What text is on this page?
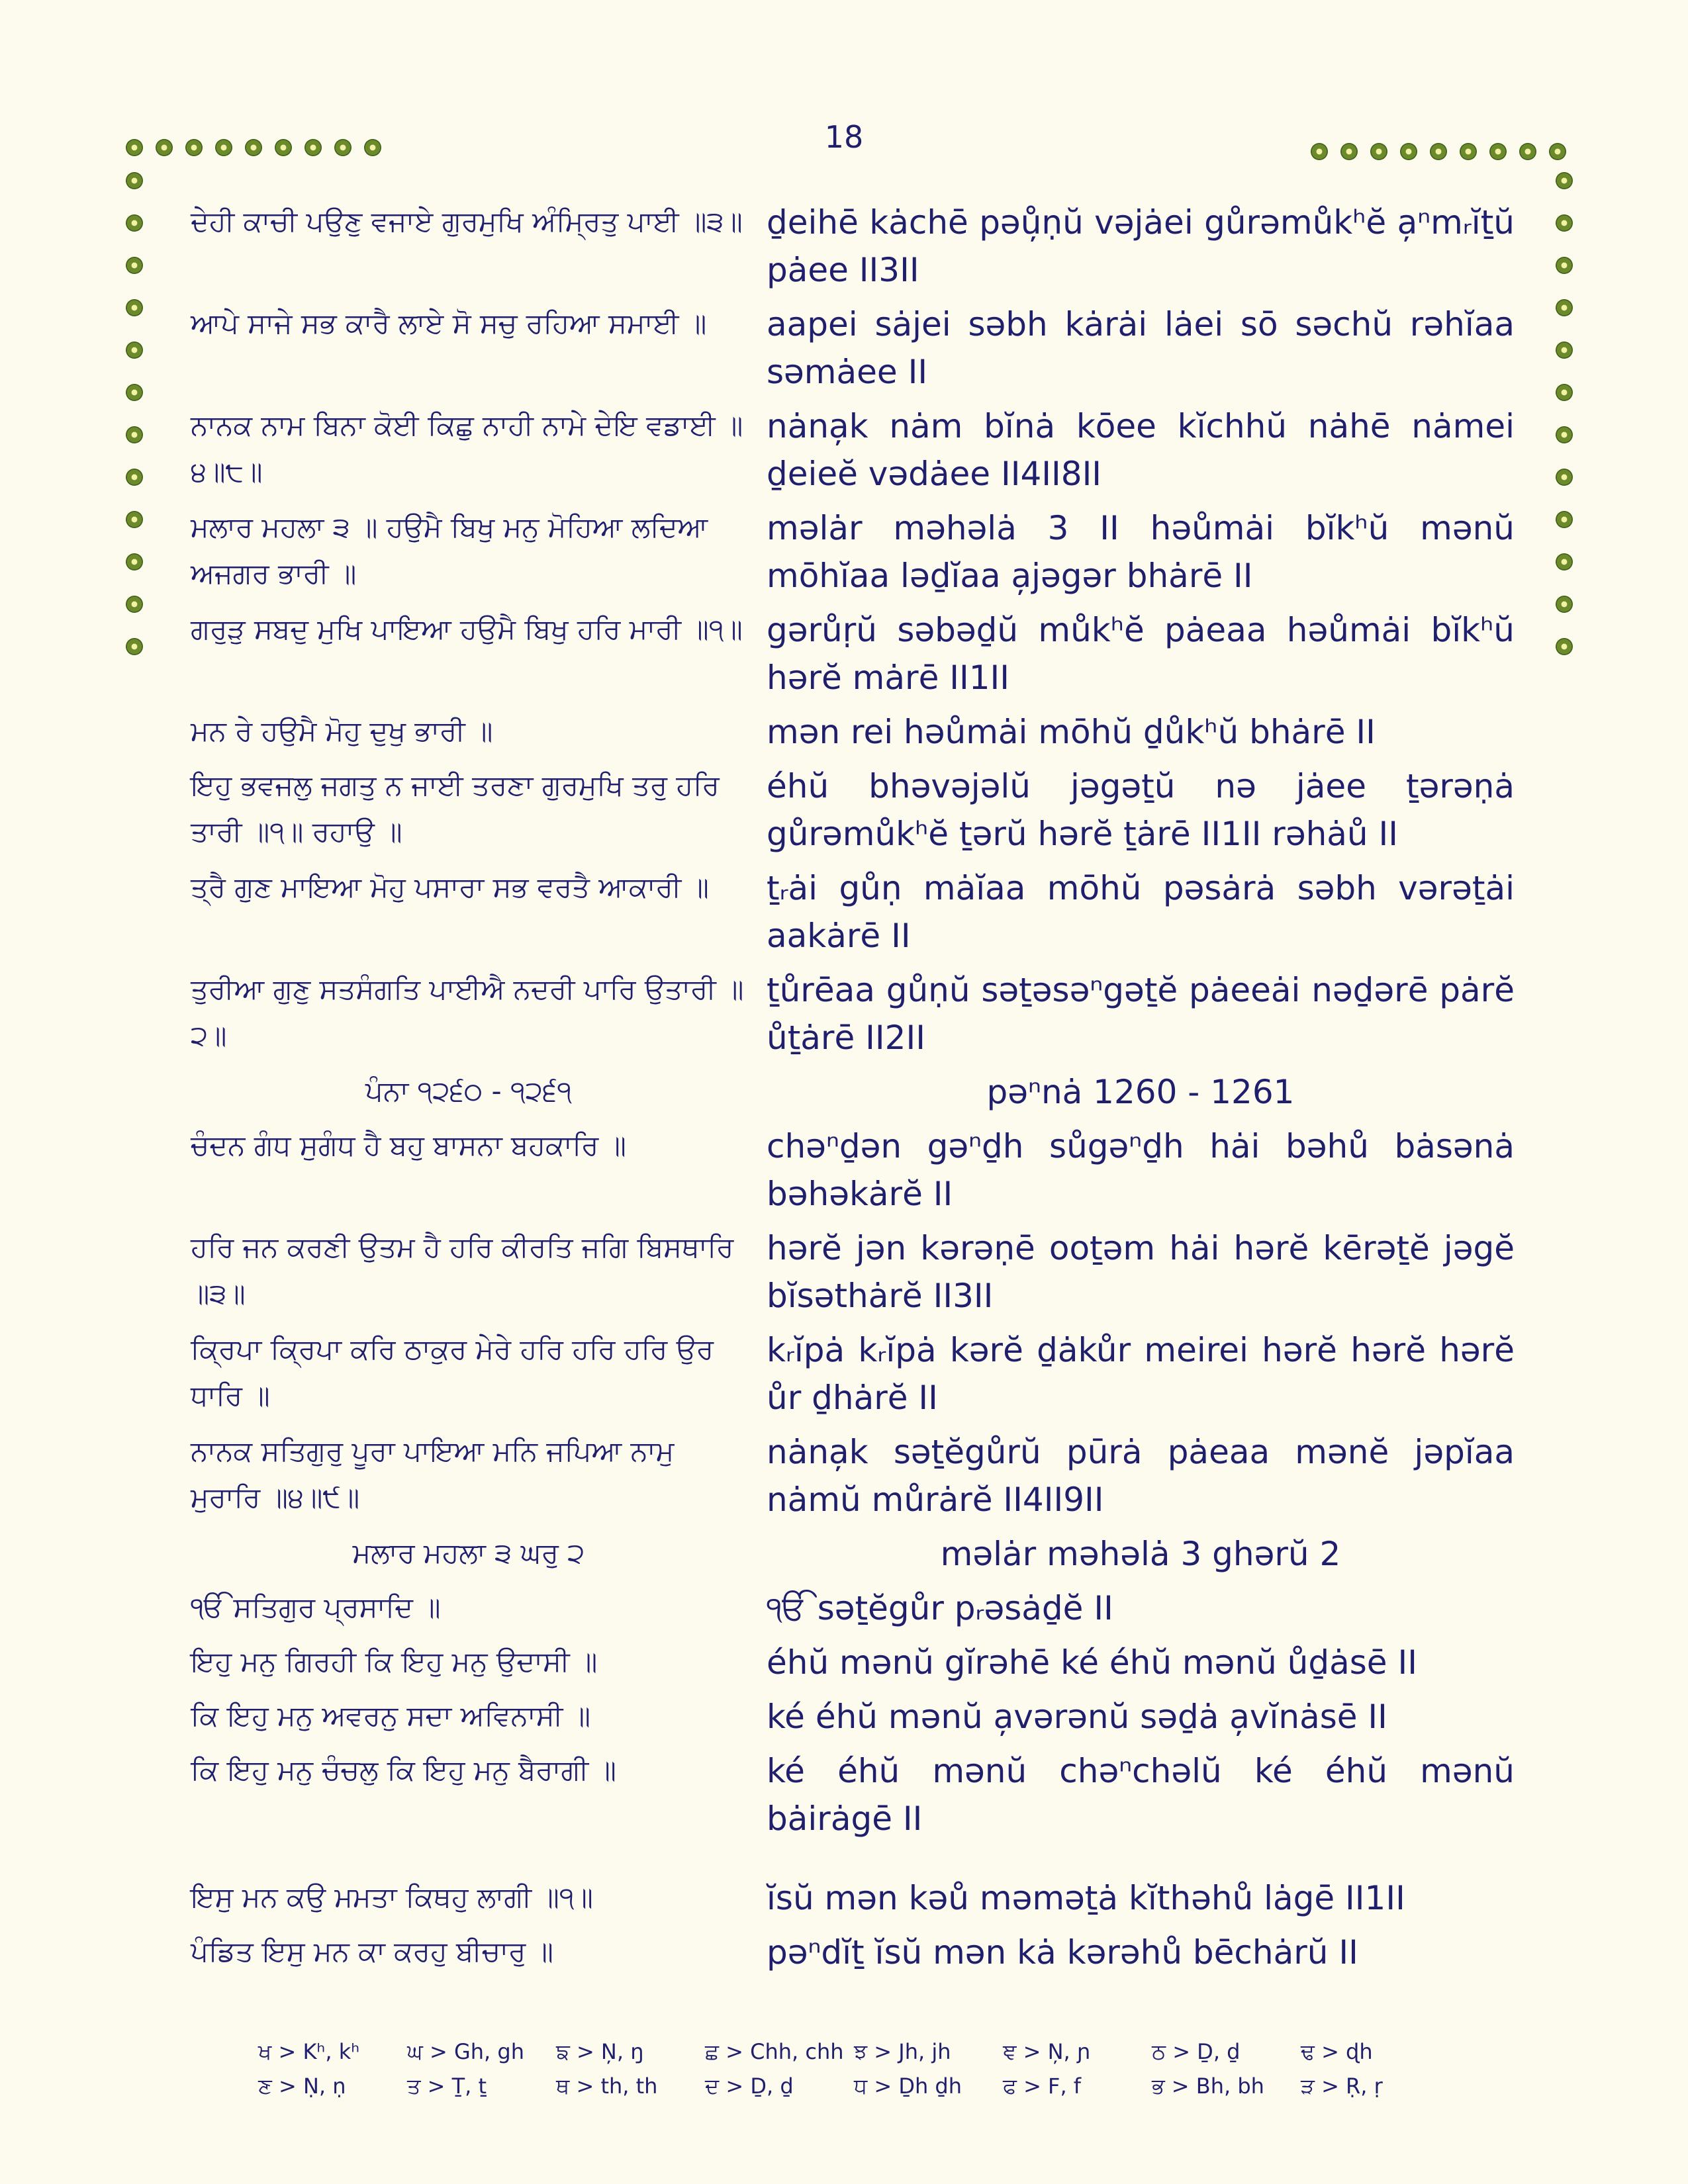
18
ਦੇਹੀ ਕਾਚੀ ਪਉਣੁ ਵਜਾਏ ਗੁਰਮੁਖਿ ਅੰਮ੍ਰਿਤੁ ਪਾਈ ॥੩॥ ḏeihē kȧchē pəů̦ṇŭ vəjȧei gůrəmůkʰĕ a̦ⁿmᵣĭṯŭ pȧee II3II
ਆਪੇ ਸਾਜੇ ਸਭ ਕਾਰੈ ਲਾਏ ਸੋ ਸਚੁ ਰਹਿਆ ਸਮਾਈ ॥	aapei sȧjei səbh kȧrȧi lȧei sō səchŭ rəhĭaa səmȧee II
ਨਾਨਕ ਨਾਮ ਬਿਨਾ ਕੋਈ ਕਿਛੁ ਨਾਹੀ ਨਾਮੇ ਦੇਇ ਵਡਾਈ ॥੪॥੮॥
nȧna̦k nȧm bĭnȧ kōee kĭchhŭ nȧhē nȧmei ḏeieĕ vədȧee II4II8II
ਮਲਾਰ ਮਹਲਾ ੩ ॥ ਹਉਮੈ ਬਿਖੁ ਮਨੁ ਮੋਹਿਆ ਲਦਿਆ ਅਜਗਰ ਭਾਰੀ ॥
məlȧr məhəlȧ 3 II həůmȧi bĭkʰŭ mənŭ mōhĭaa ləḏĭaa a̦jəgər bhȧrē II
ਗਰੁੜੁ ਸਬਦੁ ਮੁਖਿ ਪਾਇਆ ਹਉਮੈ ਬਿਖੁ ਹਰਿ ਮਾਰੀ ॥੧॥ gərůṛŭ səbəḏŭ můkʰĕ pȧeaa həůmȧi bĭkʰŭ hərĕ mȧrē II1II
ਮਨ ਰੇ ਹਉਮੈ ਮੋਹੁ ਦੁਖੁ ਭਾਰੀ ॥	mən rei həůmȧi mōhŭ ḏůkʰŭ bhȧrē II
ਇਹੁ ਭਵਜਲੁ ਜਗਤੁ ਨ ਜਾਈ ਤਰਣਾ ਗੁਰਮੁਖਿ ਤਰੁ ਹਰਿ ਤਾਰੀ ॥੧॥ ਰਹਾਉ ॥
éhŭ bhəvəjəlŭ jəgəṯŭ nə jȧee ṯərəṇȧ gůrəmůkʰĕ ṯərŭ hərĕ ṯȧrē II1II rəhȧů II
ਤ੍ਰੈ ਗੁਣ ਮਾਇਆ ਮੋਹੁ ਪਸਾਰਾ ਸਭ ਵਰਤੈ ਆਕਾਰੀ ॥	ṯᵣȧi gůṇ mȧĭaa mōhŭ pəsȧrȧ səbh vərəṯȧi aakȧrē II
ਤੁਰੀਆ ਗੁਣੁ ਸਤਸੰਗਤਿ ਪਾਈਐ ਨਦਰੀ ਪਾਰਿ ਉਤਾਰੀ ॥੨॥
ṯůrēaa gůṇŭ səṯəsəⁿgəṯĕ pȧeeȧi nəḏərē pȧrĕ ůṯȧrē II2II
ਪੰਨਾ ੧੨੬੦ - ੧੨੬੧	pəⁿnȧ 1260 - 1261
ਚੰਦਨ ਗੰਧ ਸੁਗੰਧ ਹੈ ਬਹੁ ਬਾਸਨਾ ਬਹਕਾਰਿ ॥	chəⁿḏən gəⁿḏh sůgəⁿḏh hȧi bəhů bȧsənȧ bəhəkȧrĕ II
ਹਰਿ ਜਨ ਕਰਣੀ ਉਤਮ ਹੈ ਹਰਿ ਕੀਰਤਿ ਜਗਿ ਬਿਸਥਾਰਿ ॥੩॥
hərĕ jən kərəṇē ooṯəm hȧi hərĕ kērəṯĕ jəgĕ bĭsəthȧrĕ II3II
ਕ੍ਰਿਪਾ ਕ੍ਰਿਪਾ ਕਰਿ ਠਾਕੁਰ ਮੇਰੇ ਹਰਿ ਹਰਿ ਹਰਿ ਉਰ ਧਾਰਿ ॥
kᵣĭpȧ kᵣĭpȧ kərĕ ḏȧkůr meirei hərĕ hərĕ hərĕ ůr ḏhȧrĕ II
ਨਾਨਕ ਸਤਿਗੁਰੁ ਪੂਰਾ ਪਾਇਆ ਮਨਿ ਜਪਿਆ ਨਾਮੁ ਮੁਰਾਰਿ ॥੪॥੯॥
nȧna̦k səṯĕgůrŭ pūrȧ pȧeaa mənĕ jəpĭaa nȧmŭ můrȧrĕ II4II9II
ਮਲਾਰ ਮਹਲਾ ੩ ਘਰੁ ੨	məlȧr məhəlȧ 3 ghərŭ 2
ੴ ਸਤਿਗੁਰ ਪ੍ਰਸਾਦਿ ॥	ੴ səṯĕgůr pᵣəsȧḏĕ II
ਇਹੁ ਮਨੁ ਗਿਰਹੀ ਕਿ ਇਹੁ ਮਨੁ ਉਦਾਸੀ ॥	éhŭ mənŭ gĭrəhē ké éhŭ mənŭ ůḏȧsē II
ਕਿ ਇਹੁ ਮਨੁ ਅਵਰਨੁ ਸਦਾ ਅਵਿਨਾਸੀ ॥	ké éhŭ mənŭ a̦vərənŭ səḏȧ a̦vĭnȧsē II
ਕਿ ਇਹੁ ਮਨੁ ਚੰਚਲੁ ਕਿ ਇਹੁ ਮਨੁ ਬੈਰਾਗੀ ॥	ké éhŭ mənŭ chəⁿchəlŭ ké éhŭ mənŭ bȧirȧgē II
ਇਸੁ ਮਨ ਕਉ ਮਮਤਾ ਕਿਥਹੁ ਲਾਗੀ ॥੧॥	ĭsŭ mən kəů məməṯȧ kĭthəhů lȧgē II1II
ਪੰਡਿਤ ਇਸੁ ਮਨ ਕਾ ਕਰਹੁ ਬੀਚਾਰੁ ॥	pəⁿdĭṯ ĭsŭ mən kȧ kərəhů bēchȧrŭ II
ਖ > Kʰ, kʰ	ਘ > Gh, gh	ਙ > N̦, ŋ	ਛ > Chh, chh ਝ > Jh, jh	ਞ > N̦, ɲ	ਠ > Ḏ, ḏ	ਢ > ɖh
ਣ > Ṇ, ṇ	ਤ > Ṯ, ṯ	ਥ > th, th	ਦ > Ḏ, ḏ	ਧ > Ḏh ḏh	ਫ > F, f	ਭ > Bh, bh	ੜ > Ṛ, ṛ
